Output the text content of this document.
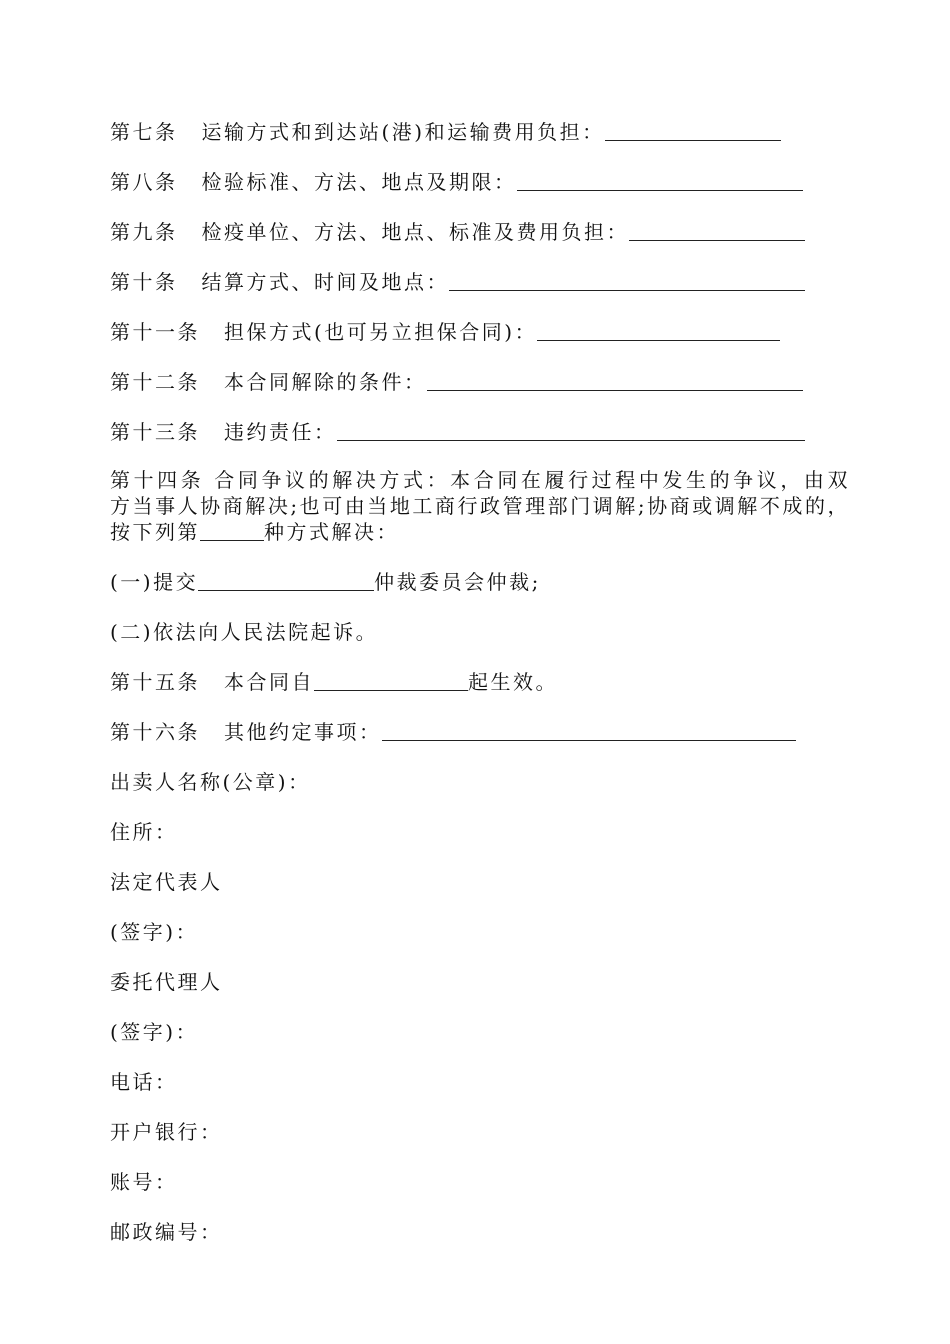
第七条 运输方式和到达站(港)和运输费用负担：
第八条 检验标准、方法、地点及期限：
第九条 检疫单位、方法、地点、标准及费用负担：
第十条 结算方式、时间及地点：
第十一条 担保方式(也可另立担保合同)：
第十二条 本合同解除的条件：
第十三条 违约责任：
第十四条 合同争议的解决方式：本合同在履行过程中发生的争议，由双
方当事人协商解决;也可由当地工商行政管理部门调解;协商或调解不成的，
按下列第	种方式解决：
(一)提交	仲裁委员会仲裁;
(二)依法向人民法院起诉。
第十五条 本合同自	起生效。
第十六条 其他约定事项：
出卖人名称(公章)：
住所：
法定代表人
(签字)：
委托代理人
(签字)：
电话：
开户银行：
账号：
邮政编号：
